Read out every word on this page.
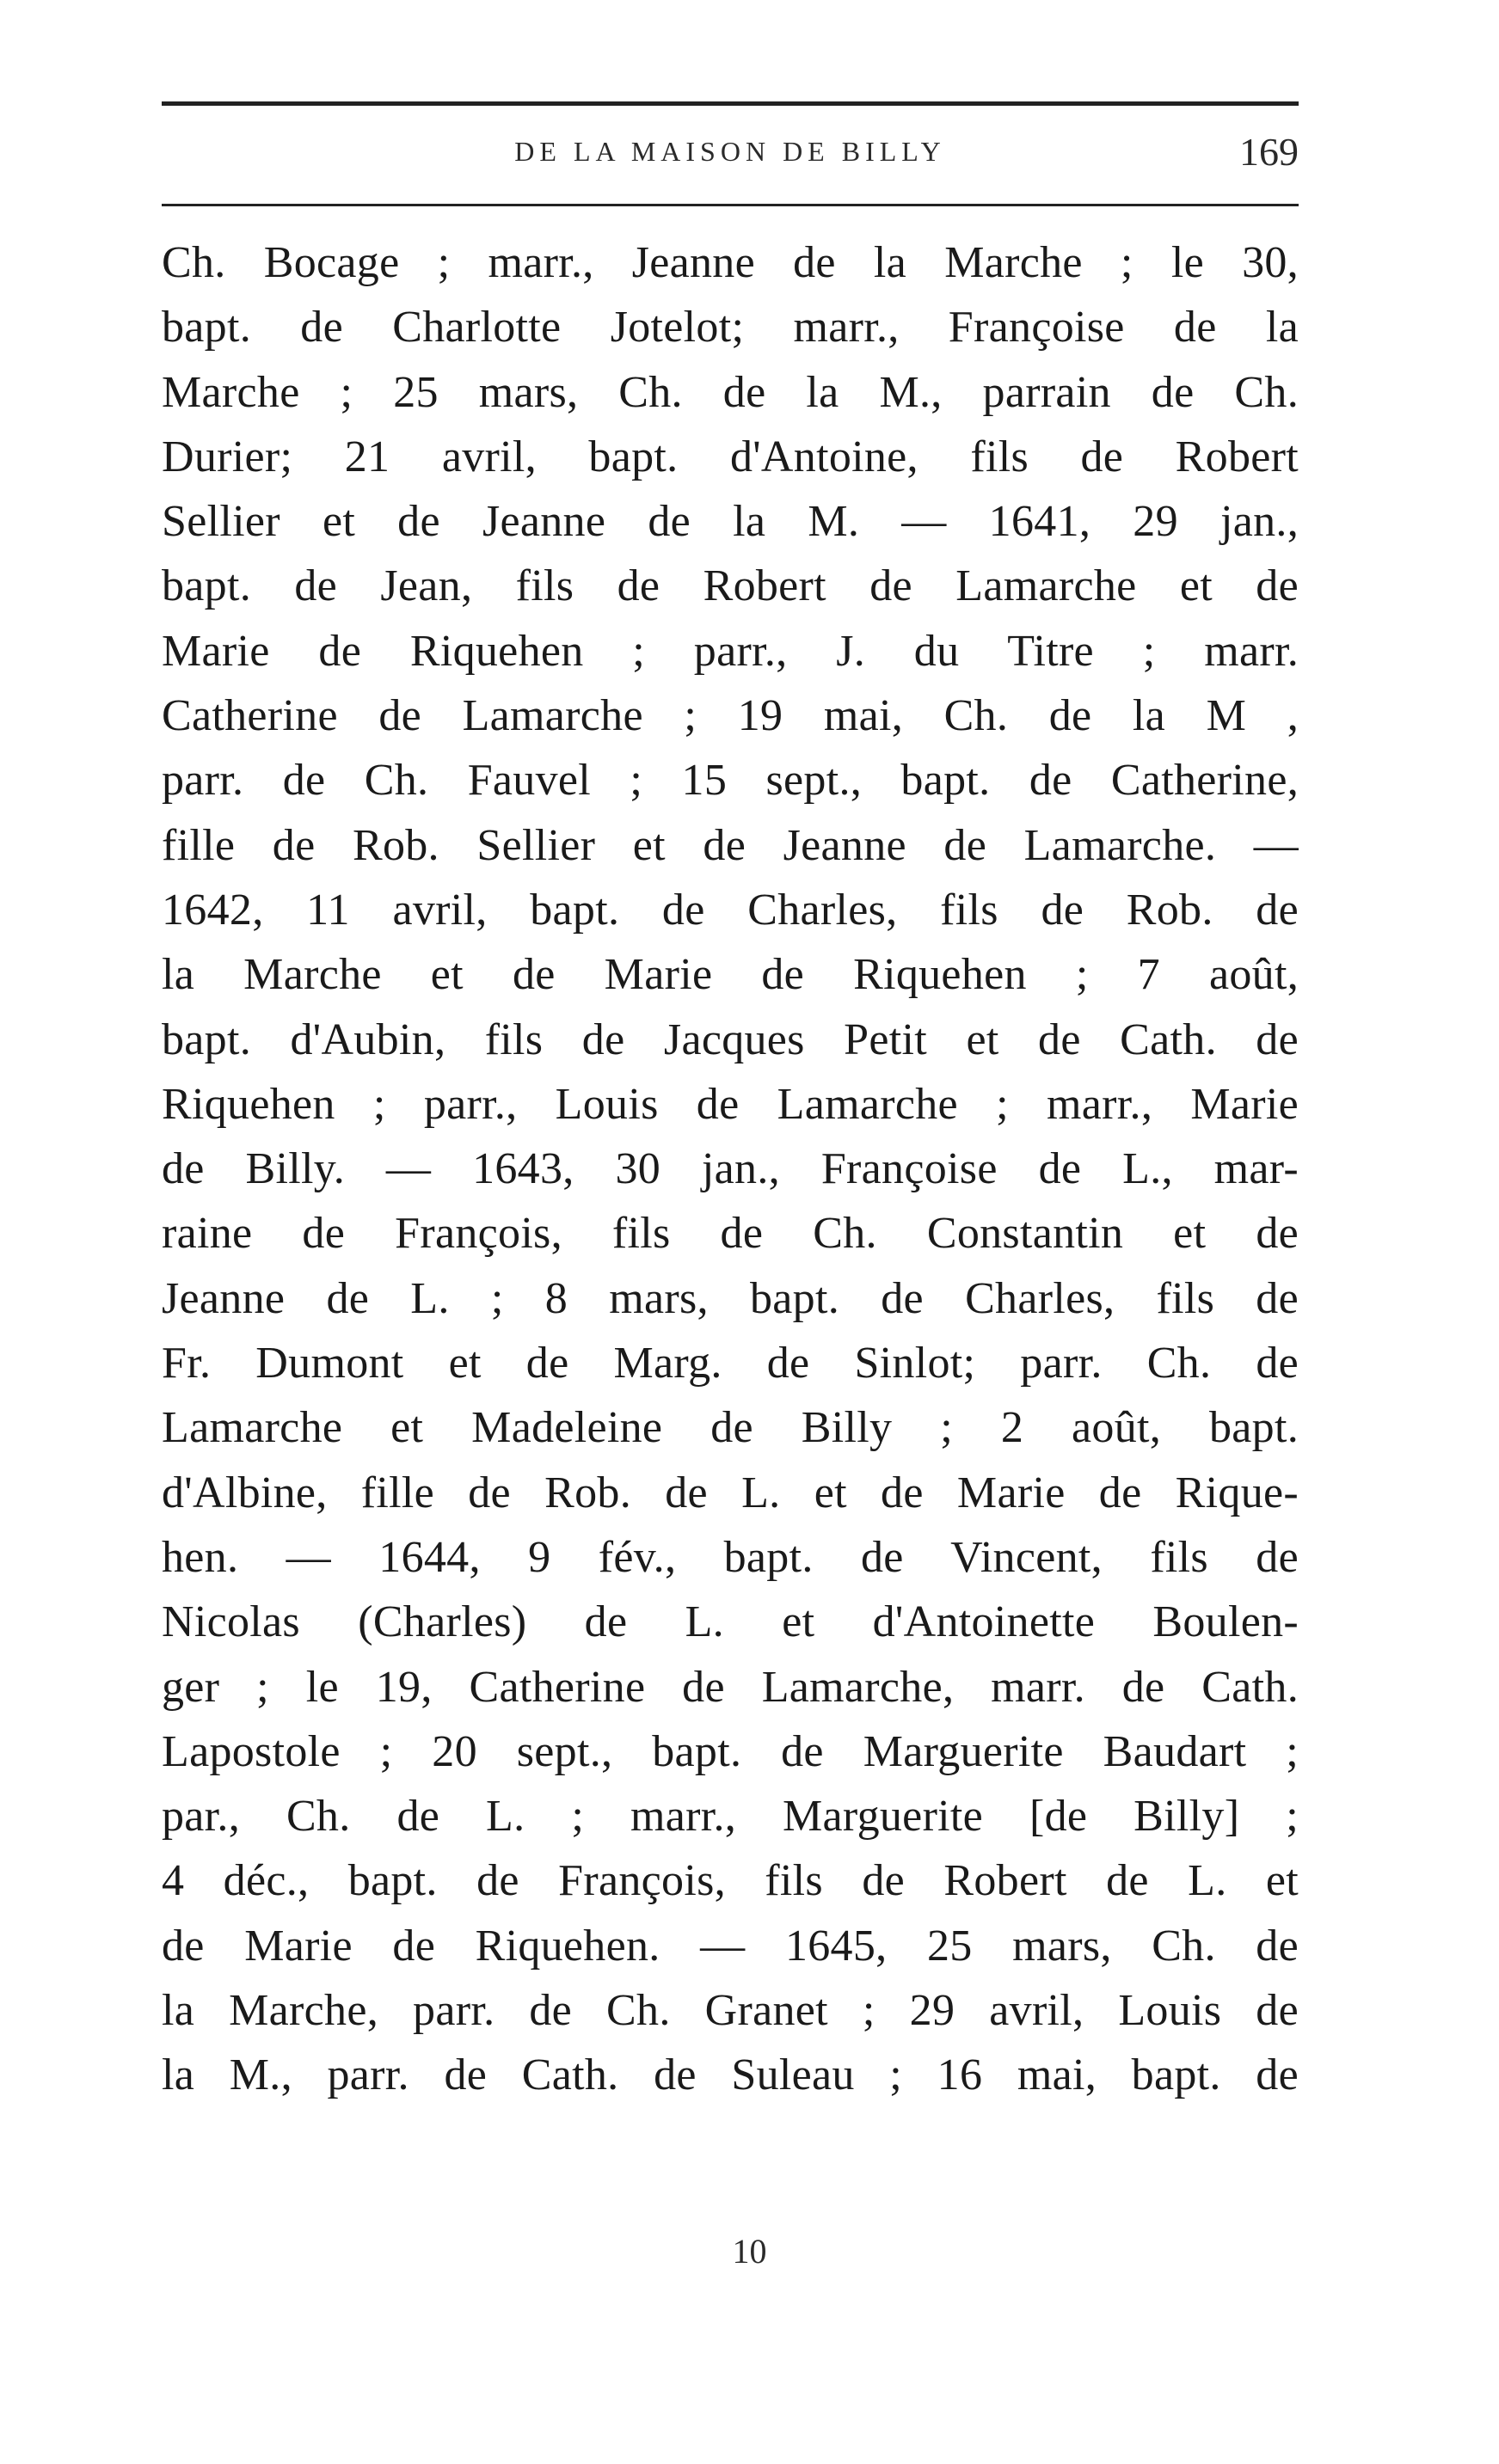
DE LA MAISON DE BILLY	169
Ch. Bocage ; marr., Jeanne de la Marche ; le 30,
bapt. de Charlotte Jotelot; marr., Françoise de la
Marche ; 25 mars, Ch. de la M., parrain de Ch.
Durier; 21 avril, bapt. d'Antoine, fils de Robert
Sellier et de Jeanne de la M. — 1641, 29 jan.,
bapt. de Jean, fils de Robert de Lamarche et de
Marie de Riquehen ; parr., J. du Titre ; marr.
Catherine de Lamarche ; 19 mai, Ch. de la M ,
parr. de Ch. Fauvel ; 15 sept., bapt. de Catherine,
fille de Rob. Sellier et de Jeanne de Lamarche. —
1642, 11 avril, bapt. de Charles, fils de Rob. de
la Marche et de Marie de Riquehen ; 7 août,
bapt. d'Aubin, fils de Jacques Petit et de Cath. de
Riquehen ; parr., Louis de Lamarche ; marr., Marie
de Billy. — 1643, 30 jan., Françoise de L., mar-
raine de François, fils de Ch. Constantin et de
Jeanne de L. ; 8 mars, bapt. de Charles, fils de
Fr. Dumont et de Marg. de Sinlot; parr. Ch. de
Lamarche et Madeleine de Billy ; 2 août, bapt.
d'Albine, fille de Rob. de L. et de Marie de Rique-
hen. — 1644, 9 fév., bapt. de Vincent, fils de
Nicolas (Charles) de L. et d'Antoinette Boulen-
ger ; le 19, Catherine de Lamarche, marr. de Cath.
Lapostole ; 20 sept., bapt. de Marguerite Baudart ;
par., Ch. de L. ; marr., Marguerite [de Billy] ;
4 déc., bapt. de François, fils de Robert de L. et
de Marie de Riquehen. — 1645, 25 mars, Ch. de
la Marche, parr. de Ch. Granet ; 29 avril, Louis de
la M., parr. de Cath. de Suleau ; 16 mai, bapt. de
10
